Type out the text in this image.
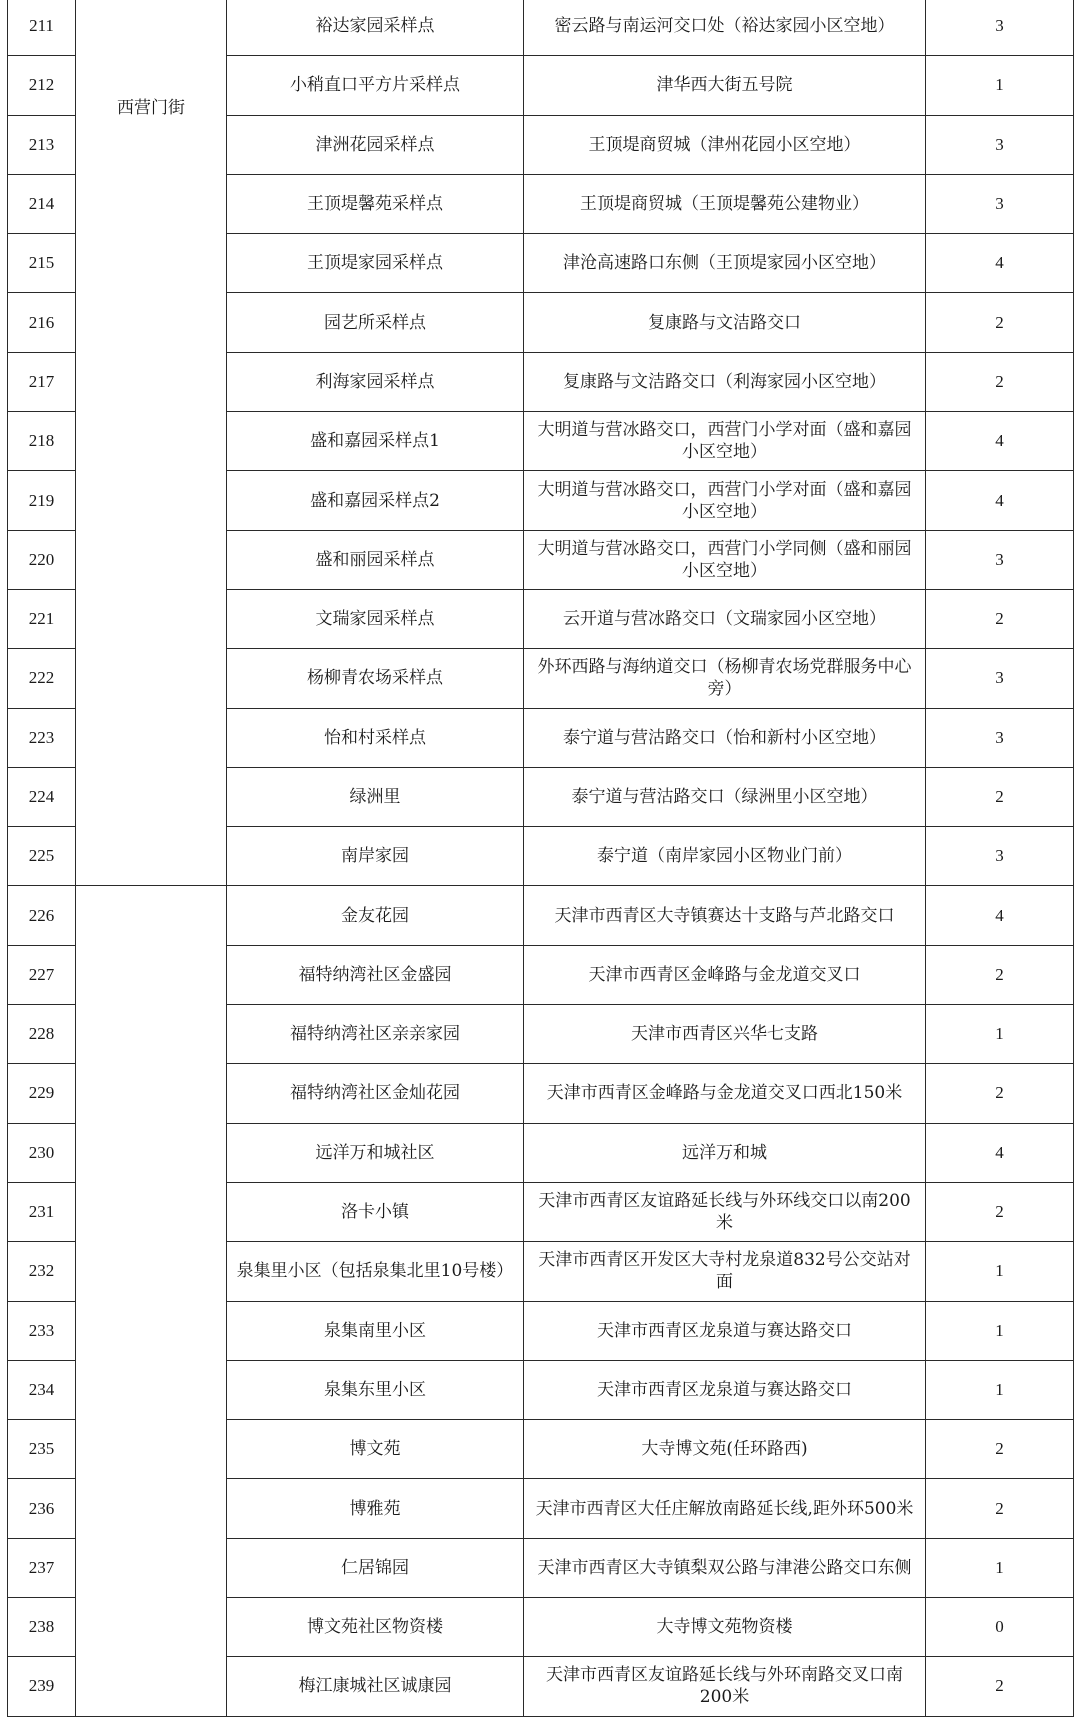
211	西营门街	裕达家园采样点	密云路与南运河交口处（裕达家园小区空地）	3
212		小稍直口平方片采样点	津华西大街五号院	1
213		津洲花园采样点	王顶堤商贸城（津州花园小区空地）	3
214		王顶堤馨苑采样点	王顶堤商贸城（王顶堤馨苑公建物业）	3
215		王顶堤家园采样点	津沧高速路口东侧（王顶堤家园小区空地）	4
216		园艺所采样点	复康路与文洁路交口	2
217		利海家园采样点	复康路与文洁路交口（利海家园小区空地）	2
218		盛和嘉园采样点1	大明道与营冰路交口，西营门小学对面（盛和嘉园小区空地）	4
219		盛和嘉园采样点2	大明道与营冰路交口，西营门小学对面（盛和嘉园小区空地）	4
220		盛和丽园采样点	大明道与营冰路交口，西营门小学同侧（盛和丽园小区空地）	3
221		文瑞家园采样点	云开道与营冰路交口（文瑞家园小区空地）	2
222		杨柳青农场采样点	外环西路与海纳道交口（杨柳青农场党群服务中心旁）	3
223		怡和村采样点	泰宁道与营沽路交口（怡和新村小区空地）	3
224		绿洲里	泰宁道与营沽路交口（绿洲里小区空地）	2
225		南岸家园	泰宁道（南岸家园小区物业门前）	3
226		金友花园	天津市西青区大寺镇赛达十支路与芦北路交口	4
227		福特纳湾社区金盛园	天津市西青区金峰路与金龙道交叉口	2
228		福特纳湾社区亲亲家园	天津市西青区兴华七支路	1
229		福特纳湾社区金灿花园	天津市西青区金峰路与金龙道交叉口西北150米	2
230		远洋万和城社区	远洋万和城	4
231		洛卡小镇	天津市西青区友谊路延长线与外环线交口以南200米	2
232		泉集里小区（包括泉集北里10号楼）	天津市西青区开发区大寺村龙泉道832号公交站对面	1
233		泉集南里小区	天津市西青区龙泉道与赛达路交口	1
234		泉集东里小区	天津市西青区龙泉道与赛达路交口	1
235		博文苑	大寺博文苑(任环路西)	2
236		博雅苑	天津市西青区大任庄解放南路延长线,距外环500米	2
237		仁居锦园	天津市西青区大寺镇梨双公路与津港公路交口东侧	1
238		博文苑社区物资楼	大寺博文苑物资楼	0
239		梅江康城社区诚康园	天津市西青区友谊路延长线与外环南路交叉口南200米	2
